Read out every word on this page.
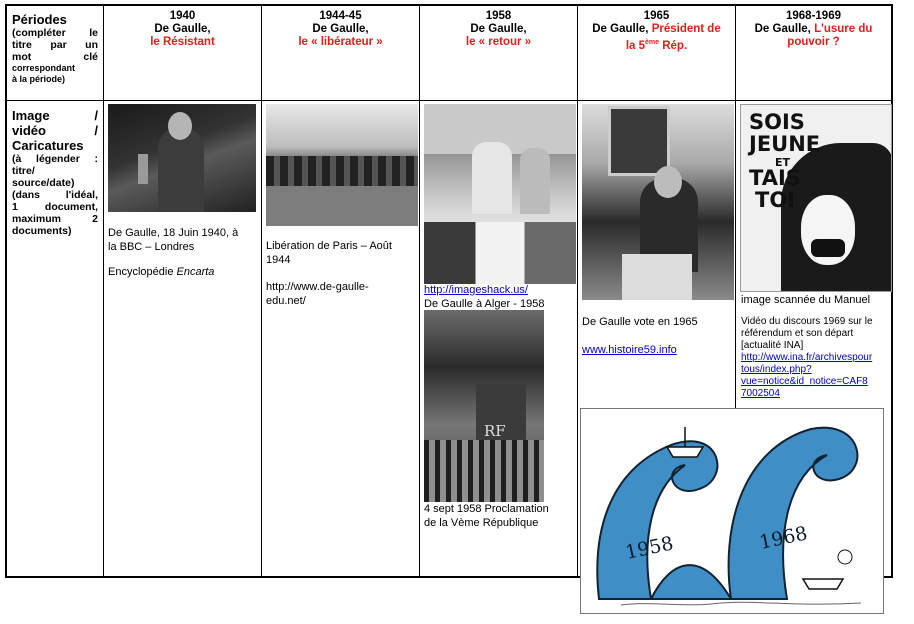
Périodes
(compléter le
titre par un
mot clé
correspondant
à la période)
1940
De Gaulle,
le Résistant
1944-45
De Gaulle,
le « libérateur »
1958
De Gaulle,
le « retour »
1965
De Gaulle, Président de
la 5ème Rép.
1968-1969
De Gaulle, L'usure du
pouvoir ?
Image /
vidéo /
Caricatures
(à légender :
titre/
source/date)
(dans l'idéal,
1 document,
maximum 2
documents)	De Gaulle, 18 Juin 1940, à
la BBC – Londres
Encyclopédie Encarta
Libération de Paris – Août
1944
http://www.de-gaulle-
edu.net/
http://imageshack.us/
De Gaulle à Alger - 1958
RF
4 sept 1958 Proclamation
de la Vème République
De Gaulle vote en 1965
www.histoire59.info
SOIS
JEUNE
ET
TAIS
TOI
image scannée du Manuel
Vidéo du discours 1969 sur le
référendum et son départ
[actualité INA]
http://www.ina.fr/archivespour
tous/index.php?
vue=notice&id_notice=CAF8
7002504
1958	1968
